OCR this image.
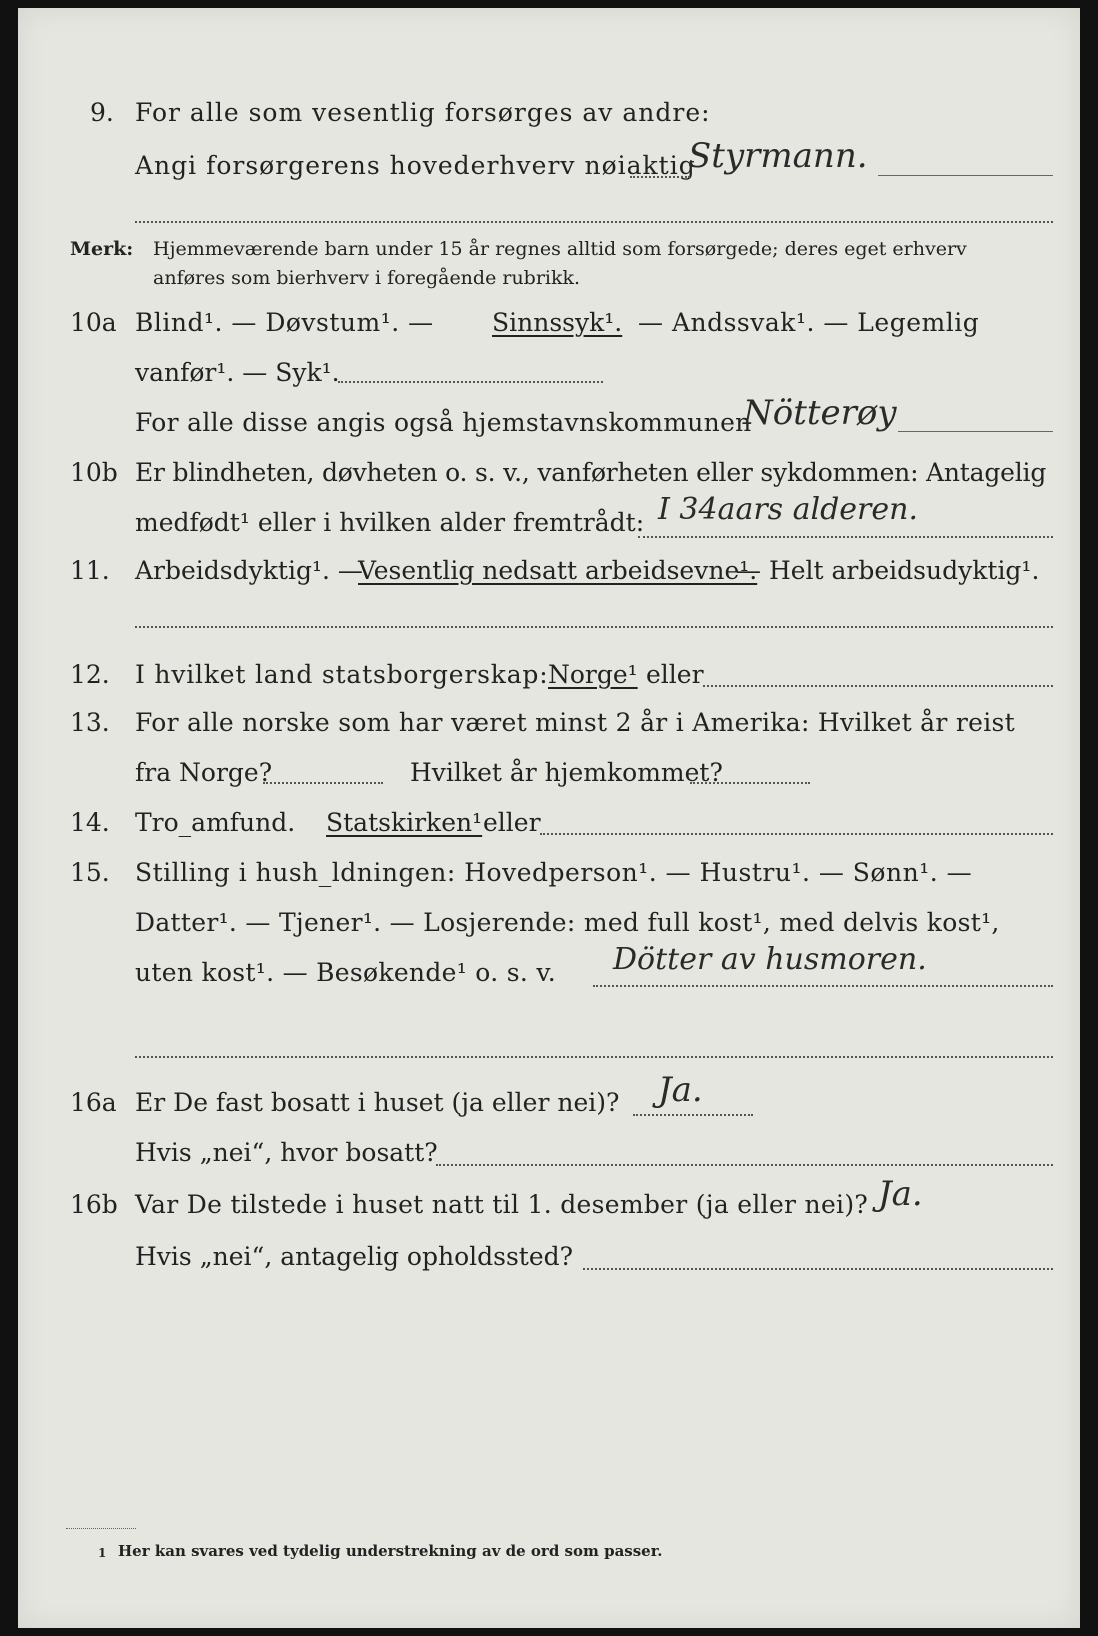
9. For alle som vesentlig forsørges av andre:
Angi forsørgerens hovederhverv nøiaktig
Styrmann.
Merk: Hjemmeværende barn under 15 år regnes alltid som forsørgede; deres eget erhverv
anføres som bierhverv i foregående rubrikk.
10a Blind¹. — Døvstum¹. — Sinnssyk¹. — Andssvak¹. — Legemlig
vanfør¹. — Syk¹.
For alle disse angis også hjemstavnskommunen
Nötterøy
10b Er blindheten, døvheten o. s. v., vanførheten eller sykdommen: Antagelig
medfødt¹ eller i hvilken alder fremtrådt: I 34aars alderen.
11. Arbeidsdyktig¹. —
Vesentlig nedsatt arbeidsevne¹.
— Helt arbeidsudyktig¹.
12. I hvilket land statsborgerskap: Norge¹ eller
13. For alle norske som har været minst 2 år i Amerika: Hvilket år reist
fra Norge?	Hvilket år hjemkommet?
14. Tro_amfund. Statskirken¹ eller
15. Stilling i hush_ldningen: Hovedperson¹. — Hustru¹. — Sønn¹. —
Datter¹. — Tjener¹. — Losjerende: med full kost¹, med delvis kost¹,
uten kost¹. — Besøkende¹ o. s. v. Dötter av husmoren.
16a Er De fast bosatt i huset (ja eller nei)? Ja.
Hvis „nei“, hvor bosatt?
16b Var De tilstede i huset natt til 1. desember (ja eller nei)? Ja.
Hvis „nei“, antagelig opholdssted?
1 Her kan svares ved tydelig understrekning av de ord som passer.
